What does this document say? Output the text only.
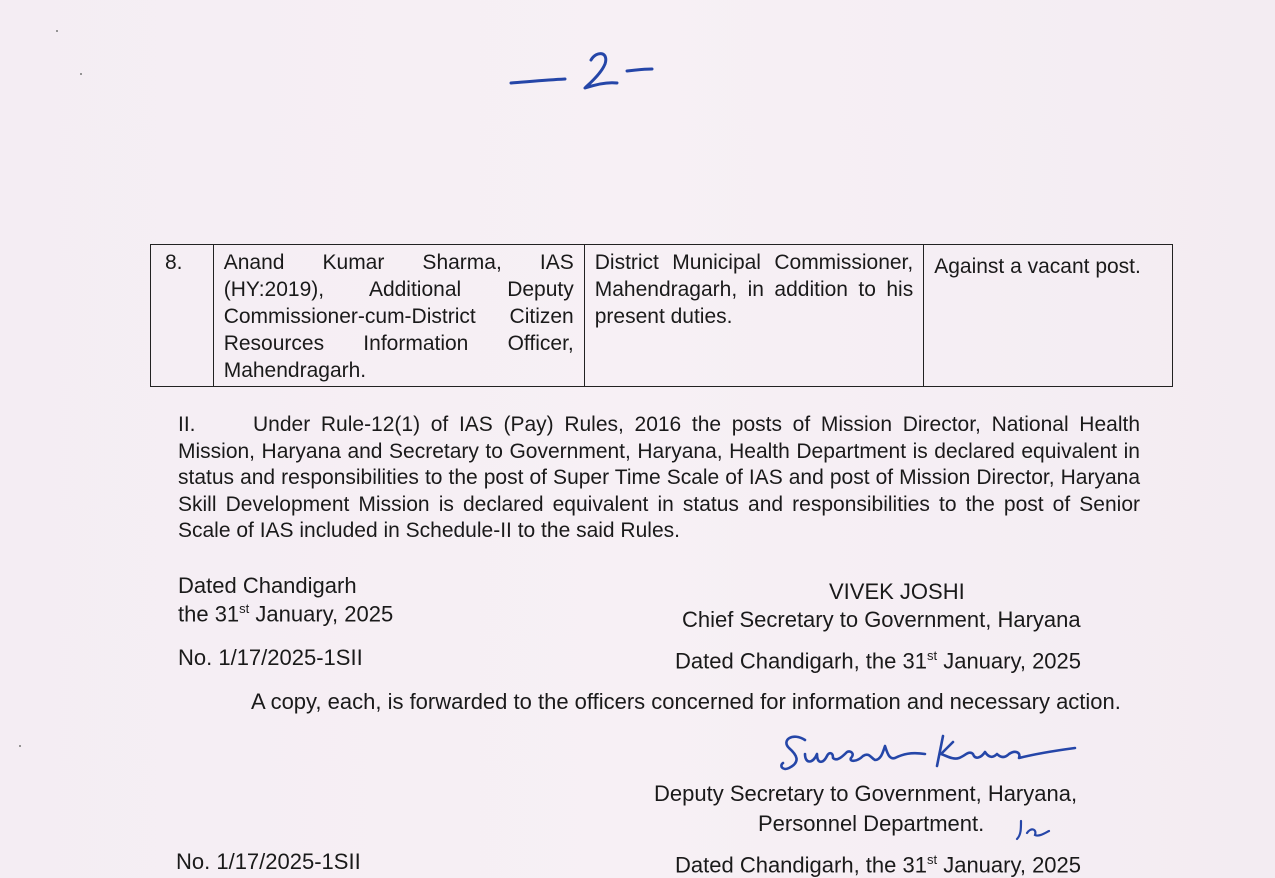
8.	Anand Kumar Sharma, IAS (HY:2019), Additional Deputy Commissioner-cum-District Citizen Resources Information Officer, Mahendragarh.	District Municipal Commissioner, Mahendragarh, in addition to his present duties.	Against a vacant post.
II.	Under Rule-12(1) of IAS (Pay) Rules, 2016 the posts of Mission Director, National Health Mission, Haryana and Secretary to Government, Haryana, Health Department is declared equivalent in status and responsibilities to the post of Super Time Scale of IAS and post of Mission Director, Haryana Skill Development Mission is declared equivalent in status and responsibilities to the post of Senior Scale of IAS included in Schedule-II to the said Rules.
Dated Chandigarh
the 31st January, 2025
VIVEK JOSHI
Chief Secretary to Government, Haryana
No. 1/17/2025-1SII	Dated Chandigarh, the 31st January, 2025
A copy, each, is forwarded to the officers concerned for information and necessary action.
Deputy Secretary to Government, Haryana,
Personnel Department.
No. 1/17/2025-1SII	Dated Chandigarh, the 31st January, 2025
